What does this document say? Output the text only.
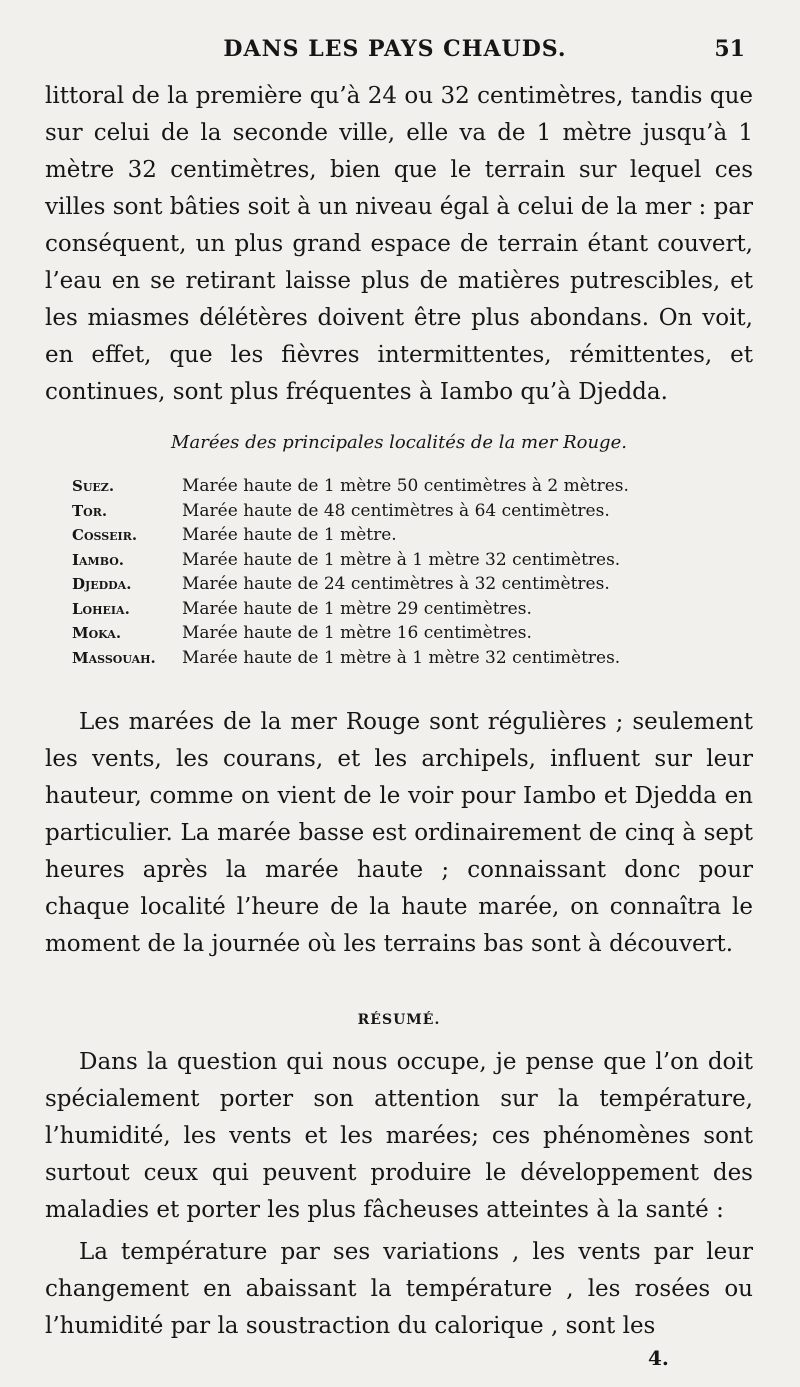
DANS LES PAYS CHAUDS.	51
littoral de la première qu’à 24 ou 32 centimètres, tandis que sur celui de la seconde ville, elle va de 1 mètre jusqu’à 1 mètre 32 centimètres, bien que le terrain sur lequel ces villes sont bâties soit à un niveau égal à celui de la mer : par conséquent, un plus grand espace de terrain étant couvert, l’eau en se retirant laisse plus de matières putrescibles, et les miasmes délétères doivent être plus abondans. On voit, en effet, que les fièvres intermittentes, rémittentes, et continues, sont plus fréquentes à Iambo qu’à Djedda.
Marées des principales localités de la mer Rouge.
Suez.	Marée haute de 1 mètre 50 centimètres à 2 mètres.
Tor.	Marée haute de 48 centimètres à 64 centimètres.
Cosseir.	Marée haute de 1 mètre.
Iambo.	Marée haute de 1 mètre à 1 mètre 32 centimètres.
Djedda.	Marée haute de 24 centimètres à 32 centimètres.
Loheia.	Marée haute de 1 mètre 29 centimètres.
Moka.	Marée haute de 1 mètre 16 centimètres.
Massouah.	Marée haute de 1 mètre à 1 mètre 32 centimètres.
Les marées de la mer Rouge sont régulières ; seulement les vents, les courans, et les archipels, influent sur leur hauteur, comme on vient de le voir pour Iambo et Djedda en particulier. La marée basse est ordinairement de cinq à sept heures après la marée haute ; connaissant donc pour chaque localité l’heure de la haute marée, on connaîtra le moment de la journée où les terrains bas sont à découvert.
RÉSUMÉ.
Dans la question qui nous occupe, je pense que l’on doit spécialement porter son attention sur la température, l’humidité, les vents et les marées; ces phénomènes sont surtout ceux qui peuvent produire le développement des maladies et porter les plus fâcheuses atteintes à la santé :
La température par ses variations , les vents par leur changement en abaissant la température , les rosées ou l’humidité par la soustraction du calorique , sont les
4.
